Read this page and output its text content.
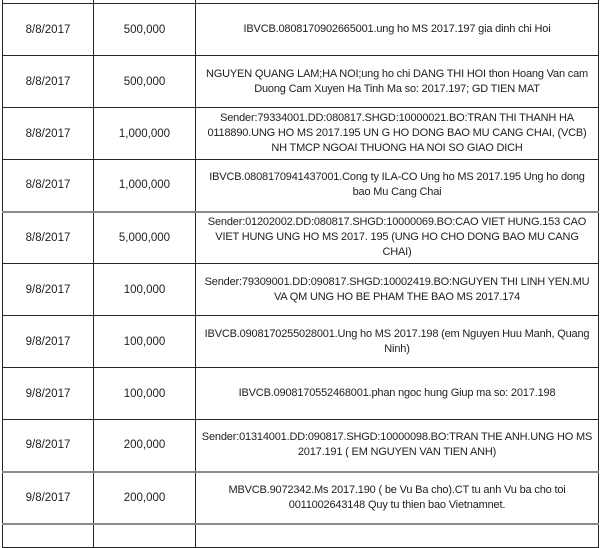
8/8/2017	500,000	IBVCB.0808170902665001.ung ho MS 2017.197 gia dinh chi Hoi
8/8/2017	500,000	NGUYEN QUANG LAM;HA NOI;ung ho chi DANG THI HOI thon Hoang Van cam Duong Cam Xuyen Ha Tinh Ma so: 2017.197; GD TIEN MAT
8/8/2017	1,000,000	Sender:79334001.DD:080817.SHGD:10000021.BO:TRAN THI THANH HA 0118890.UNG HO MS 2017.195 UN G HO DONG BAO MU CANG CHAI, (VCB) NH TMCP NGOAI THUONG HA NOI SO GIAO DICH
8/8/2017	1,000,000	IBVCB.0808170941437001.Cong ty ILA-CO Ung ho MS 2017.195 Ung ho dong bao Mu Cang Chai
8/8/2017	5,000,000	Sender:01202002.DD:080817.SHGD:10000069.BO:CAO VIET HUNG.153 CAO VIET HUNG UNG HO MS 2017. 195 (UNG HO CHO DONG BAO MU CANG CHAI)
9/8/2017	100,000	Sender:79309001.DD:090817.SHGD:10002419.BO:NGUYEN THI LINH YEN.MU VA QM UNG HO BE PHAM THE BAO MS 2017.174
9/8/2017	100,000	IBVCB.0908170255028001.Ung ho MS 2017.198 (em Nguyen Huu Manh, Quang Ninh)
9/8/2017	100,000	IBVCB.0908170552468001.phan ngoc hung Giup ma so: 2017.198
9/8/2017	200,000	Sender:01314001.DD:090817.SHGD:10000098.BO:TRAN THE ANH.UNG HO MS 2017.191 ( EM NGUYEN VAN TIEN ANH)
9/8/2017	200,000	MBVCB.9072342.Ms 2017.190 ( be Vu Ba cho).CT tu anh Vu ba cho toi 0011002643148 Quy tu thien bao Vietnamnet.
